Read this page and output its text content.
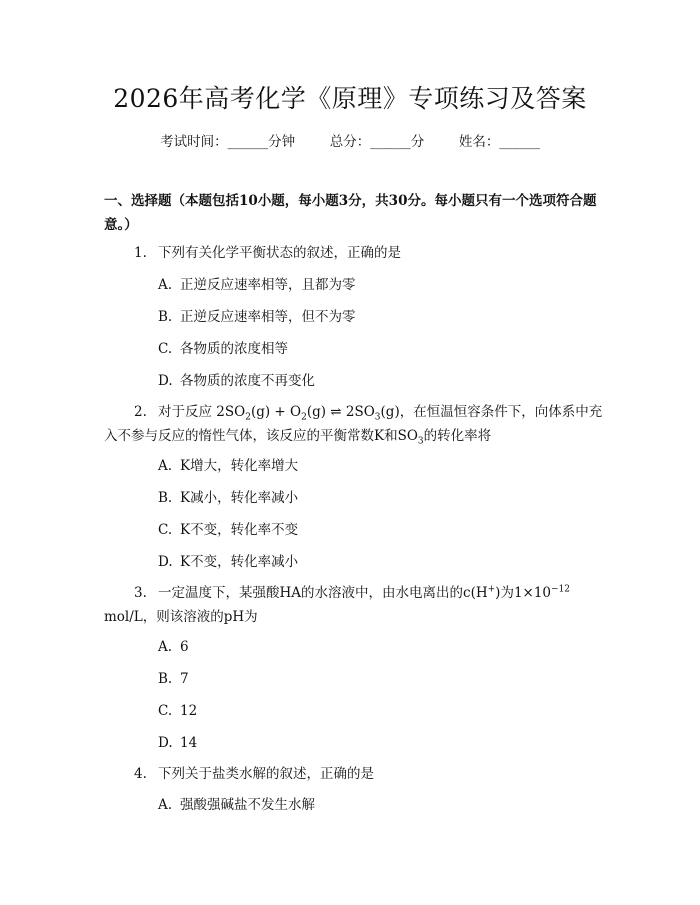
2026年高考化学《原理》专项练习及答案
考试时间：______分钟	总分：______分	姓名：______
一、选择题（本题包括10小题，每小题3分，共30分。每小题只有一个选项符合题意。）
1. 下列有关化学平衡状态的叙述，正确的是
A. 正逆反应速率相等，且都为零
B. 正逆反应速率相等，但不为零
C. 各物质的浓度相等
D. 各物质的浓度不再变化
2. 对于反应 $2SO_2(g) + O_2(g)$ ⇌ $2SO_3(g)$，在恒温恒容条件下，向体系中充入不参与反应的惰性气体，该反应的平衡常数K和$SO_3$的转化率将
A. K增大，转化率增大
B. K减小，转化率减小
C. K不变，转化率不变
D. K不变，转化率减小
3. 一定温度下，某强酸HA的水溶液中，由水电离出的c(H+)为$1\times 10^{-12}$
mol/L，则该溶液的pH为
A. 6
B. 7
C. 12
D. 14
4. 下列关于盐类水解的叙述，正确的是
A. 强酸强碱盐不发生水解
